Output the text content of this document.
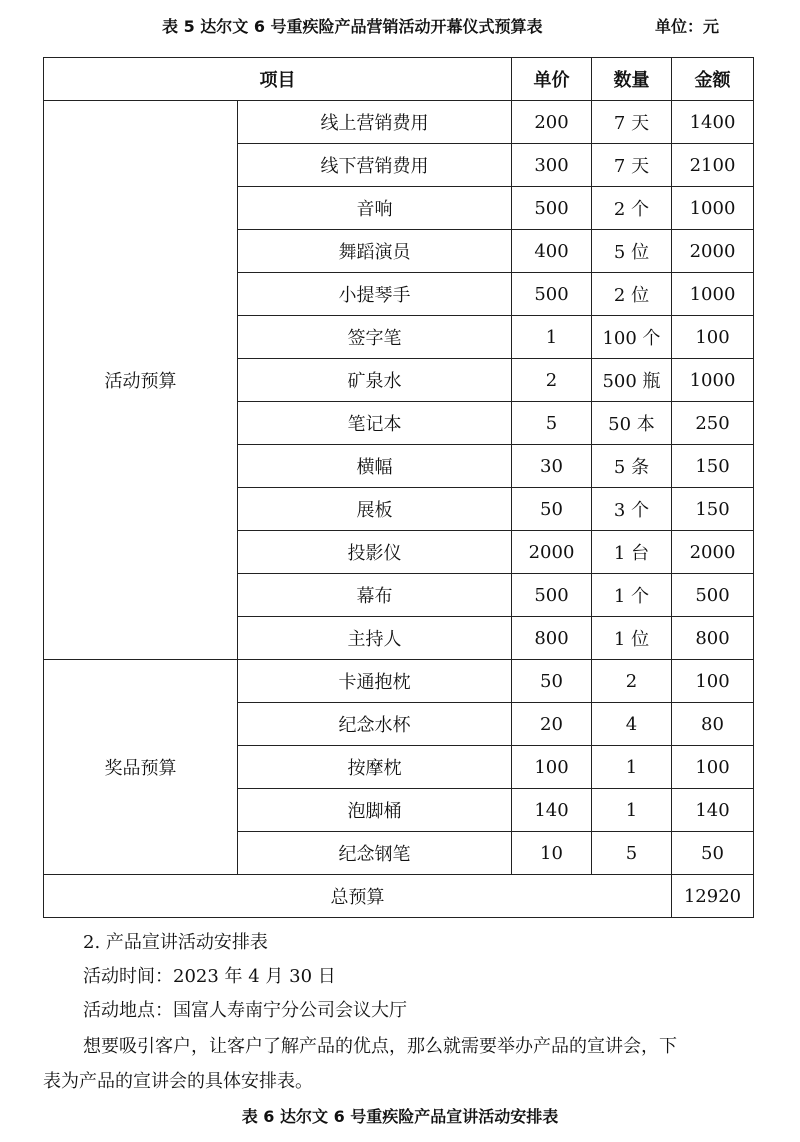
表 5 达尔文 6 号重疾险产品营销活动开幕仪式预算表	单位：元
项目		单价	数量	金额
活动预算	线上营销费用	200	7 天	1400
	线下营销费用	300	7 天	2100
	音响	500	2 个	1000
	舞蹈演员	400	5 位	2000
	小提琴手	500	2 位	1000
	签字笔	1	100 个	100
	矿泉水	2	500 瓶	1000
	笔记本	5	50 本	250
	横幅	30	5 条	150
	展板	50	3 个	150
	投影仪	2000	1 台	2000
	幕布	500	1 个	500
	主持人	800	1 位	800
奖品预算	卡通抱枕	50	2	100
	纪念水杯	20	4	80
	按摩枕	100	1	100
	泡脚桶	140	1	140
	纪念钢笔	10	5	50
总预算				12920
2. 产品宣讲活动安排表
活动时间：2023 年 4 月 30 日
活动地点：国富人寿南宁分公司会议大厅
想要吸引客户，让客户了解产品的优点，那么就需要举办产品的宣讲会，下
表为产品的宣讲会的具体安排表。
表 6 达尔文 6 号重疾险产品宣讲活动安排表
